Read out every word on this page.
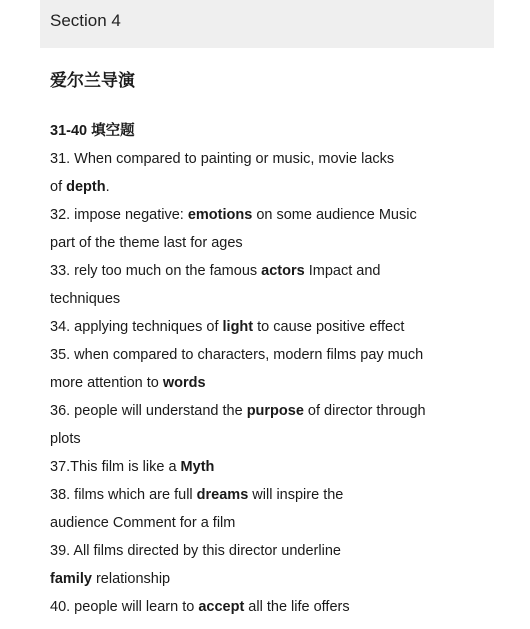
Section 4
爱尔兰导演
31-40 填空题
31. When compared to painting or music, movie lacks
of depth.
32. impose negative: emotions on some audience Music
part of the theme last for ages
33. rely too much on the famous actors Impact and
techniques
34. applying techniques of light to cause positive effect
35. when compared to characters, modern films pay much
more attention to words
36. people will understand the purpose of director through
plots
37.This film is like a Myth
38. films which are full dreams will inspire the
audience Comment for a film
39. All films directed by this director underline
family relationship
40. people will learn to accept all the life offers
